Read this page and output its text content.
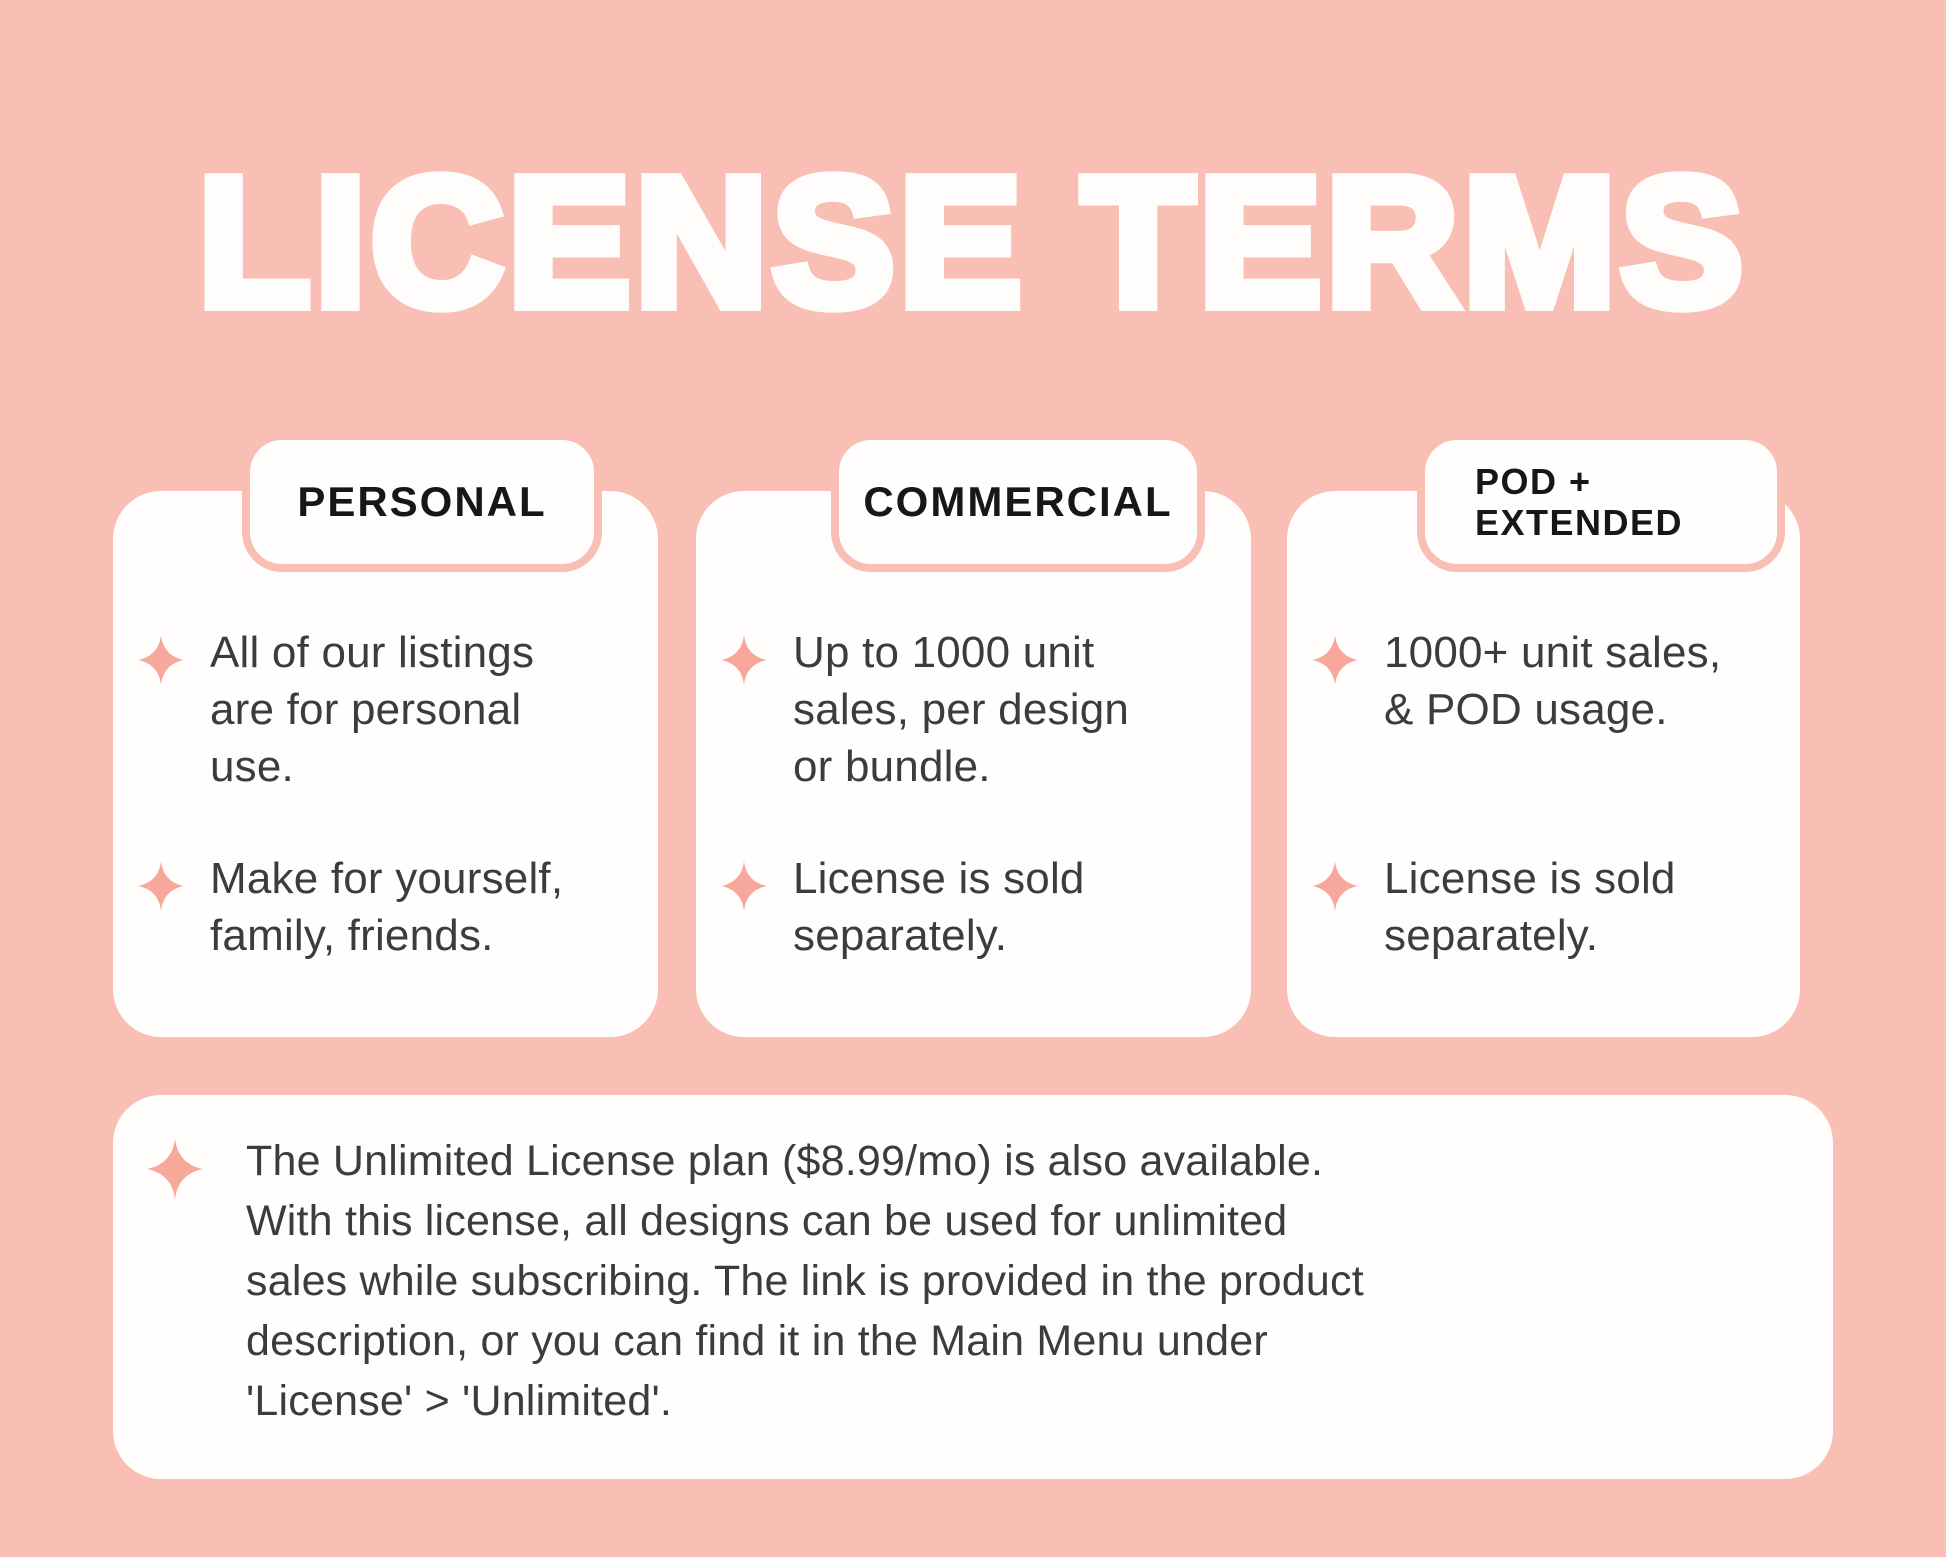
LICENSE TERMS
PERSONAL
All of our listings
are for personal
use.
Make for yourself,
family, friends.
COMMERCIAL
Up to 1000 unit
sales, per design
or bundle.
License is sold
separately.
POD +
EXTENDED
1000+ unit sales,
& POD usage.
License is sold
separately.
The Unlimited License plan ($8.99/mo) is also available.
With this license, all designs can be used for unlimited
sales while subscribing. The link is provided in the product
description, or you can find it in the Main Menu under
'License' > 'Unlimited'.
